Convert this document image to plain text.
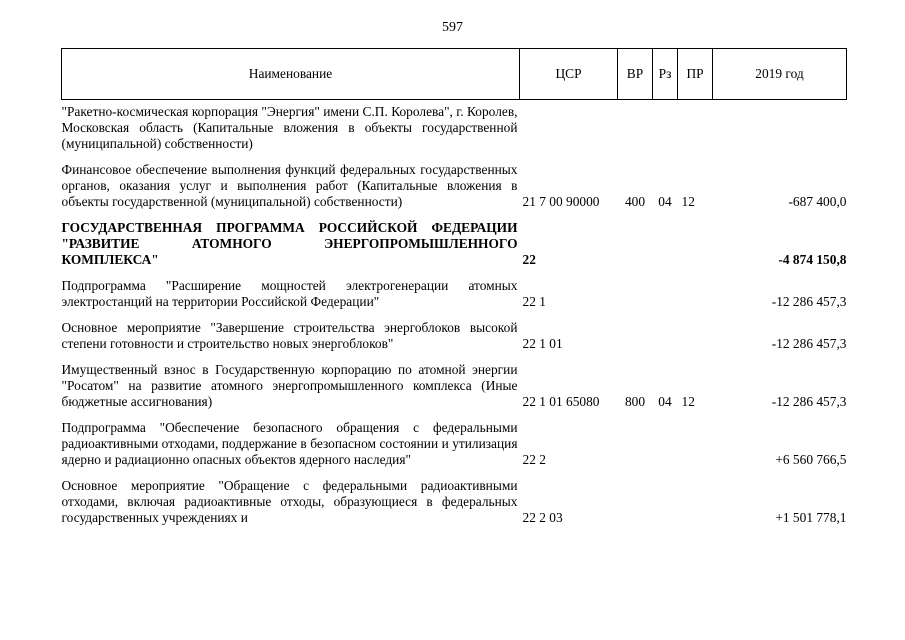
597
Наименование	ЦСР	ВР	Рз	ПР	2019 год
"Ракетно-космическая корпорация "Энергия" имени С.П. Королева", г. Королев, Московская область (Капитальные вложения в объекты государственной (муниципальной) собственности)					
Финансовое обеспечение выполнения функций федеральных государственных органов, оказания услуг и выполнения работ (Капитальные вложения в объекты государственной (муниципальной) собственности)	21 7 00 90000	400	04	12	-687 400,0
ГОСУДАРСТВЕННАЯ ПРОГРАММА РОССИЙСКОЙ ФЕДЕРАЦИИ "РАЗВИТИЕ АТОМНОГО ЭНЕРГОПРОМЫШЛЕННОГО КОМПЛЕКСА"	22				-4 874 150,8
Подпрограмма "Расширение мощностей электрогенерации атомных электростанций на территории Российской Федерации"	22 1				-12 286 457,3
Основное мероприятие "Завершение строительства энергоблоков высокой степени готовности и строительство новых энергоблоков"	22 1 01				-12 286 457,3
Имущественный взнос в Государственную корпорацию по атомной энергии "Росатом" на развитие атомного энергопромышленного комплекса (Иные бюджетные ассигнования)	22 1 01 65080	800	04	12	-12 286 457,3
Подпрограмма "Обеспечение безопасного обращения с федеральными радиоактивными отходами, поддержание в безопасном состоянии и утилизация ядерно и радиационно опасных объектов ядерного наследия"	22 2				+6 560 766,5
Основное мероприятие "Обращение с федеральными радиоактивными отходами, включая радиоактивные отходы, образующиеся в федеральных государственных учреждениях и	22 2 03				+1 501 778,1
